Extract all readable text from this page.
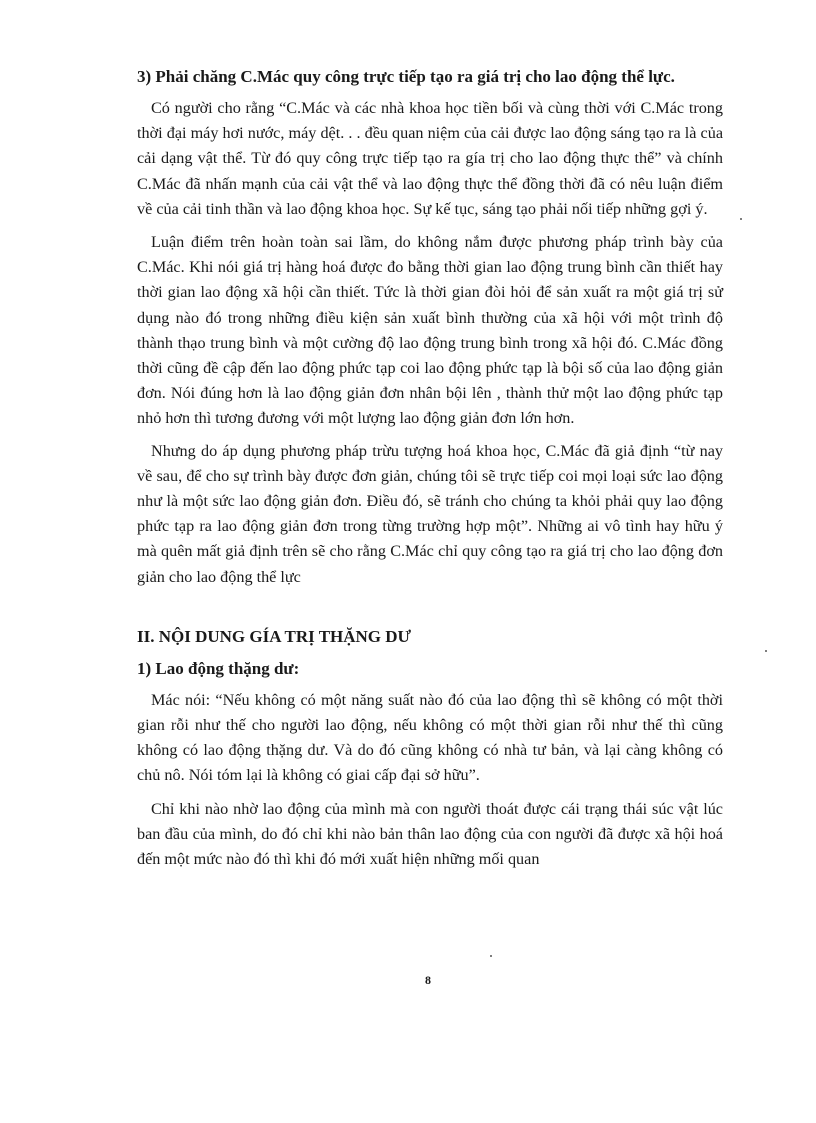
3) Phải chăng C.Mác quy công trực tiếp tạo ra giá trị cho lao động thể lực.

Có người cho rằng “C.Mác và các nhà khoa học tiền bối và cùng thời với C.Mác trong thời đại máy hơi nước, máy dệt. . . đều quan niệm của cải được lao động sáng tạo ra là của cải dạng vật thể. Từ đó quy công trực tiếp tạo ra gía trị cho lao động thực thể” và chính C.Mác đã nhấn mạnh của cải vật thể và lao động thực thể đồng thời đã có nêu luận điểm về của cải tinh thần và lao động khoa học. Sự kế tục, sáng tạo phải nối tiếp những gợi ý.

Luận điểm trên hoàn toàn sai lầm, do không nắm được phương pháp trình bày của C.Mác. Khi nói giá trị hàng hoá được đo bằng thời gian lao động trung bình cần thiết hay thời gian lao động xã hội cần thiết. Tức là thời gian đòi hỏi để sản xuất ra một giá trị sử dụng nào đó trong những điều kiện sản xuất bình thường của xã hội với một trình độ thành thạo trung bình và một cường độ lao động trung bình trong xã hội đó. C.Mác đồng thời cũng đề cập đến lao động phức tạp coi lao động phức tạp là bội số của lao động giản đơn. Nói đúng hơn là lao động giản đơn nhân bội lên , thành thử một lao động phức tạp nhỏ hơn thì tương đương với một lượng lao động giản đơn lớn hơn.

Nhưng do áp dụng phương pháp trừu tượng hoá khoa học, C.Mác đã giả định “từ nay về sau, để cho sự trình bày được đơn giản, chúng tôi sẽ trực tiếp coi mọi loại sức lao động như là một sức lao động giản đơn. Điều đó, sẽ tránh cho chúng ta khỏi phải quy lao động phức tạp ra lao động giản đơn trong từng trường hợp một”. Những ai vô tình hay hữu ý mà quên mất giả định trên sẽ cho rằng C.Mác chỉ quy công tạo ra giá trị cho lao động đơn giản cho lao động thể lực

II. NỘI DUNG GÍA TRỊ THẶNG DƯ

1) Lao động thặng dư:

Mác nói: “Nếu không có một năng suất nào đó của lao động thì sẽ không có một thời gian rỗi như thế cho người lao động, nếu không có một thời gian rỗi như thế thì cũng không có lao động thặng dư. Và do đó cũng không có nhà tư bản, và lại càng không có chủ nô. Nói tóm lại là không có giai cấp đại sở hữu”.

Chỉ khi nào nhờ lao động của mình mà con người thoát được cái trạng thái súc vật lúc ban đầu của mình, do đó chỉ khi nào bản thân lao động của con người đã được xã hội hoá đến một mức nào đó thì khi đó mới xuất hiện những mối quan

8
